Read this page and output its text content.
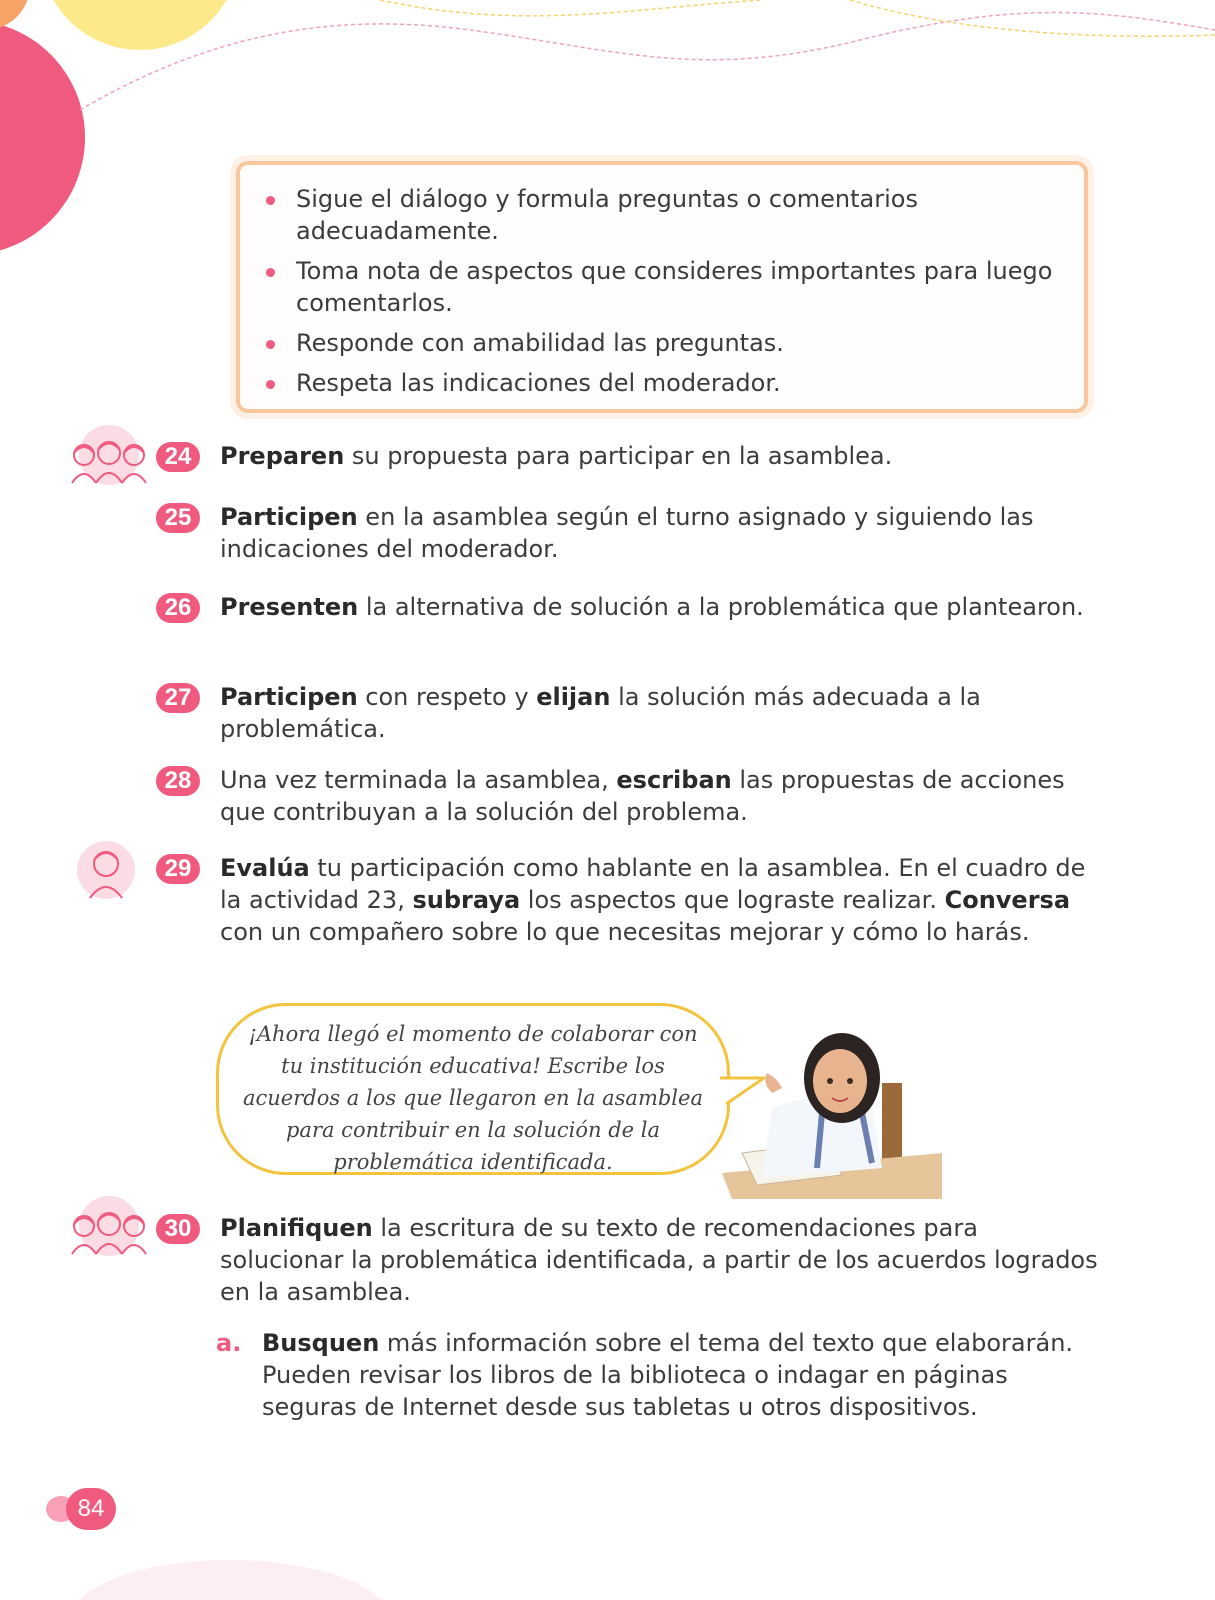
Sigue el diálogo y formula preguntas o comentarios adecuadamente.
Toma nota de aspectos que consideres importantes para luego comentarlos.
Responde con amabilidad las preguntas.
Respeta las indicaciones del moderador.
24	Preparen su propuesta para participar en la asamblea.
25	Participen en la asamblea según el turno asignado y siguiendo las indicaciones del moderador.
26	Presenten la alternativa de solución a la problemática que plantearon.
27	Participen con respeto y elijan la solución más adecuada a la problemática.
28	Una vez terminada la asamblea, escriban las propuestas de acciones que contribuyan a la solución del problema.
29	Evalúa tu participación como hablante en la asamblea. En el cuadro de la actividad 23, subraya los aspectos que lograste realizar. Conversa con un compañero sobre lo que necesitas mejorar y cómo lo harás.
¡Ahora llegó el momento de colaborar con tu institución educativa! Escribe los acuerdos a los que llegaron en la asamblea para contribuir en la solución de la problemática identificada.
30	Planifiquen la escritura de su texto de recomendaciones para solucionar la problemática identificada, a partir de los acuerdos logrados en la asamblea.
a. Busquen más información sobre el tema del texto que elaborarán. Pueden revisar los libros de la biblioteca o indagar en páginas seguras de Internet desde sus tabletas u otros dispositivos.
84
